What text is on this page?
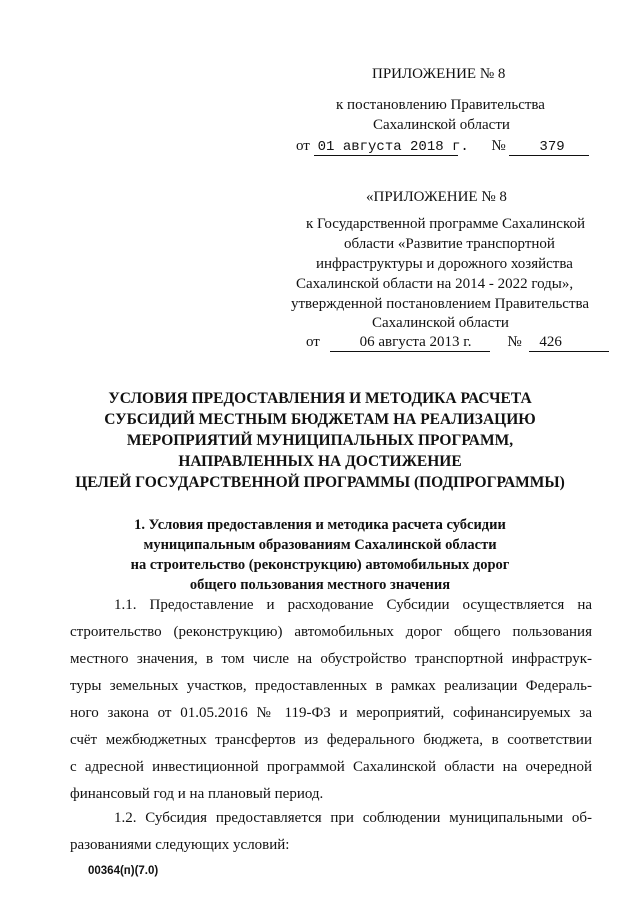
ПРИЛОЖЕНИЕ № 8

к постановлению Правительства

Сахалинской области

от 01 августа 2018 г. № 379

«ПРИЛОЖЕНИЕ № 8

к Государственной программе Сахалинской

области «Развитие транспортной

инфраструктуры и дорожного хозяйства

Сахалинской области на 2014 - 2022 годы»,

утвержденной постановлением Правительства

Сахалинской области

от	06 августа 2013 г. № 426

УСЛОВИЯ ПРЕДОСТАВЛЕНИЯ И МЕТОДИКА РАСЧЕТА
СУБСИДИЙ МЕСТНЫМ БЮДЖЕТАМ НА РЕАЛИЗАЦИЮ
МЕРОПРИЯТИЙ МУНИЦИПАЛЬНЫХ ПРОГРАММ,
НАПРАВЛЕННЫХ НА ДОСТИЖЕНИЕ
ЦЕЛЕЙ ГОСУДАРСТВЕННОЙ ПРОГРАММЫ (ПОДПРОГРАММЫ)
1. Условия предоставления и методика расчета субсидии
муниципальным образованиям Сахалинской области
на строительство (реконструкцию) автомобильных дорог
общего пользования местного значения
1.1. Предоставление и расходование Субсидии осуществляется на
строительство (реконструкцию) автомобильных дорог общего пользования
местного значения, в том числе на обустройство транспортной инфраструк-
туры земельных участков, предоставленных в рамках реализации Федераль-
ного закона от 01.05.2016 № 119-ФЗ и мероприятий, софинансируемых за
счёт межбюджетных трансфертов из федерального бюджета, в соответствии
с адресной инвестиционной программой Сахалинской области на очередной
финансовый год и на плановый период.
1.2. Субсидия предоставляется при соблюдении муниципальными об-
разованиями следующих условий:
00364(п)(7.0)
